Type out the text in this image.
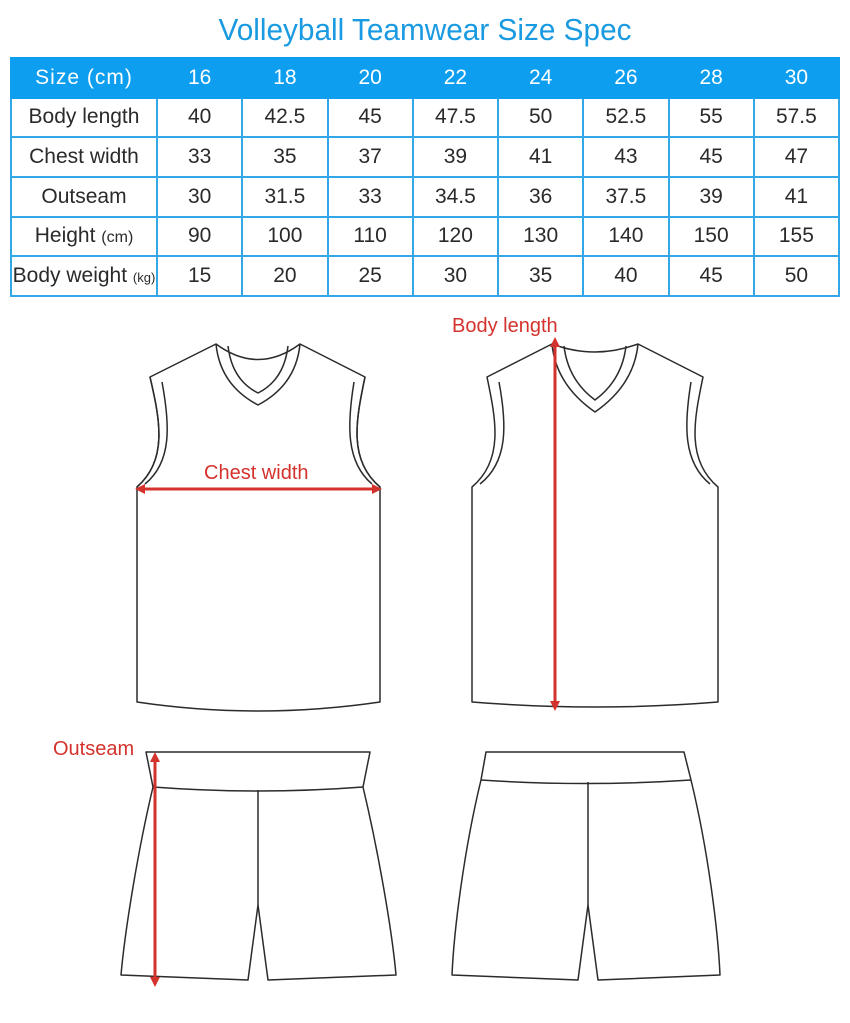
Volleyball Teamwear Size Spec
Size (cm)	16	18	20	22	24	26	28	30
Body length	40	42.5	45	47.5	50	52.5	55	57.5
Chest width	33	35	37	39	41	43	45	47
Outseam	30	31.5	33	34.5	36	37.5	39	41
Height (cm)	90	100	110	120	130	140	150	155
Body weight (kg)	15	20	25	30	35	40	45	50
Chest width
Body length
Outseam
